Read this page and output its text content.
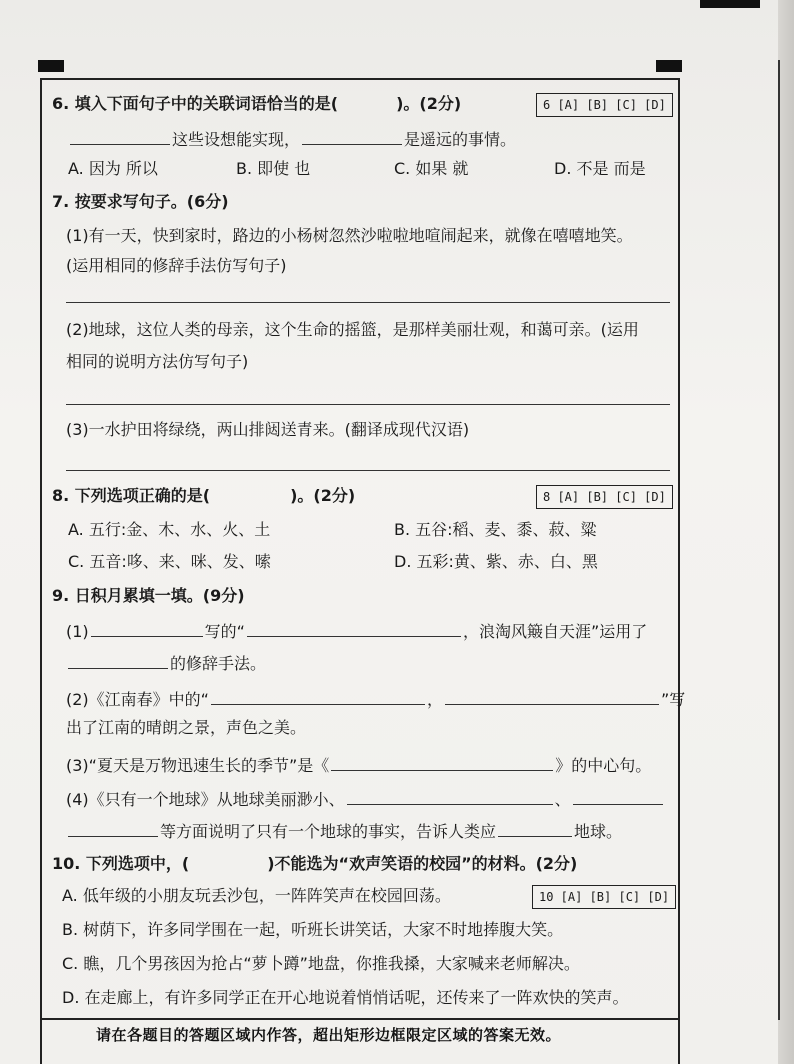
6. 填入下面句子中的关联词语恰当的是(	)。(2分)	6 [A] [B] [C] [D]
这些设想能实现，	是遥远的事情。
A. 因为 所以	B. 即使 也	C. 如果 就	D. 不是 而是
7. 按要求写句子。(6分)
(1)有一天，快到家时，路边的小杨树忽然沙啦啦地喧闹起来，就像在嘻嘻地笑。
(运用相同的修辞手法仿写句子)
(2)地球，这位人类的母亲，这个生命的摇篮，是那样美丽壮观，和蔼可亲。(运用
相同的说明方法仿写句子)
(3)一水护田将绿绕，两山排闼送青来。(翻译成现代汉语)
8. 下列选项正确的是(	)。(2分)	8 [A] [B] [C] [D]
A. 五行:金、木、水、火、土	B. 五谷:稻、麦、黍、菽、粱
C. 五音:哆、来、咪、发、嗦	D. 五彩:黄、紫、赤、白、黑
9. 日积月累填一填。(9分)
(1)	写的“	，浪淘风簸自天涯”运用了
的修辞手法。
(2)《江南春》中的“	，	”写
出了江南的晴朗之景，声色之美。
(3)“夏天是万物迅速生长的季节”是《	》的中心句。
(4)《只有一个地球》从地球美丽渺小、	、
等方面说明了只有一个地球的事实，告诉人类应	地球。
10. 下列选项中，(	)不能选为“欢声笑语的校园”的材料。(2分)
A. 低年级的小朋友玩丢沙包，一阵阵笑声在校园回荡。	10 [A] [B] [C] [D]
B. 树荫下，许多同学围在一起，听班长讲笑话，大家不时地捧腹大笑。
C. 瞧，几个男孩因为抢占“萝卜蹲”地盘，你推我搡，大家喊来老师解决。
D. 在走廊上，有许多同学正在开心地说着悄悄话呢，还传来了一阵欢快的笑声。
请在各题目的答题区域内作答，超出矩形边框限定区域的答案无效。
